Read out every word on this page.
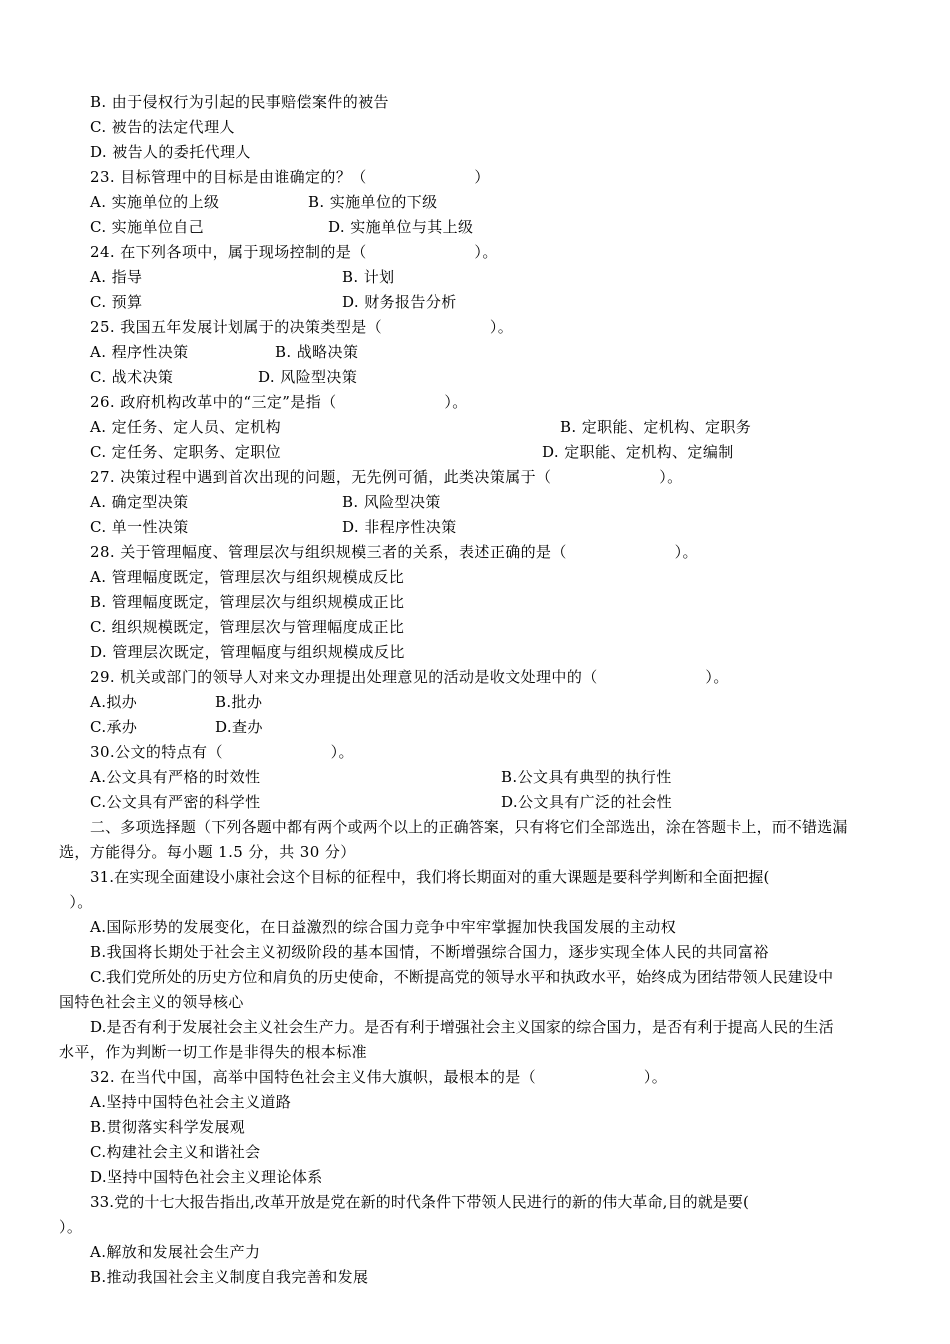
B. 由于侵权行为引起的民事赔偿案件的被告
C. 被告的法定代理人
D. 被告人的委托代理人
23. 目标管理中的目标是由谁确定的？（　　　　　　　）
A. 实施单位的上级	B. 实施单位的下级
C. 实施单位自己	D. 实施单位与其上级
24. 在下列各项中，属于现场控制的是（　　　　　　　）。
A. 指导	B. 计划
C. 预算	D. 财务报告分析
25. 我国五年发展计划属于的决策类型是（　　　　　　　）。
A. 程序性决策	B. 战略决策
C. 战术决策	D. 风险型决策
26. 政府机构改革中的“三定”是指（　　　　　　　）。
A. 定任务、定人员、定机构	B. 定职能、定机构、定职务
C. 定任务、定职务、定职位	D. 定职能、定机构、定编制
27. 决策过程中遇到首次出现的问题，无先例可循，此类决策属于（　　　　　　　）。
A. 确定型决策	B. 风险型决策
C. 单一性决策	D. 非程序性决策
28. 关于管理幅度、管理层次与组织规模三者的关系，表述正确的是（　　　　　　　）。
A. 管理幅度既定，管理层次与组织规模成反比
B. 管理幅度既定，管理层次与组织规模成正比
C. 组织规模既定，管理层次与管理幅度成正比
D. 管理层次既定，管理幅度与组织规模成反比
29. 机关或部门的领导人对来文办理提出处理意见的活动是收文处理中的（　　　　　　　）。
A.拟办	B.批办
C.承办	D.查办
30.公文的特点有（　　　　　　　）。
A.公文具有严格的时效性	B.公文具有典型的执行性
C.公文具有严密的科学性	D.公文具有广泛的社会性
二、多项选择题（下列各题中都有两个或两个以上的正确答案，只有将它们全部选出，涂在答题卡上，而不错选漏
选，方能得分。每小题 1.5 分，共 30 分）
31.在实现全面建设小康社会这个目标的征程中，我们将长期面对的重大课题是要科学判断和全面把握(
）。
A.国际形势的发展变化，在日益激烈的综合国力竞争中牢牢掌握加快我国发展的主动权
B.我国将长期处于社会主义初级阶段的基本国情，不断增强综合国力，逐步实现全体人民的共同富裕
C.我们党所处的历史方位和肩负的历史使命，不断提高党的领导水平和执政水平，始终成为团结带领人民建设中
国特色社会主义的领导核心
D.是否有利于发展社会主义社会生产力。是否有利于增强社会主义国家的综合国力，是否有利于提高人民的生活
水平，作为判断一切工作是非得失的根本标准
32. 在当代中国，高举中国特色社会主义伟大旗帜，最根本的是（　　　　　　　）。
A.坚持中国特色社会主义道路
B.贯彻落实科学发展观
C.构建社会主义和谐社会
D.坚持中国特色社会主义理论体系
33.党的十七大报告指出,改革开放是党在新的时代条件下带领人民进行的新的伟大革命,目的就是要(
）。
A.解放和发展社会生产力
B.推动我国社会主义制度自我完善和发展
